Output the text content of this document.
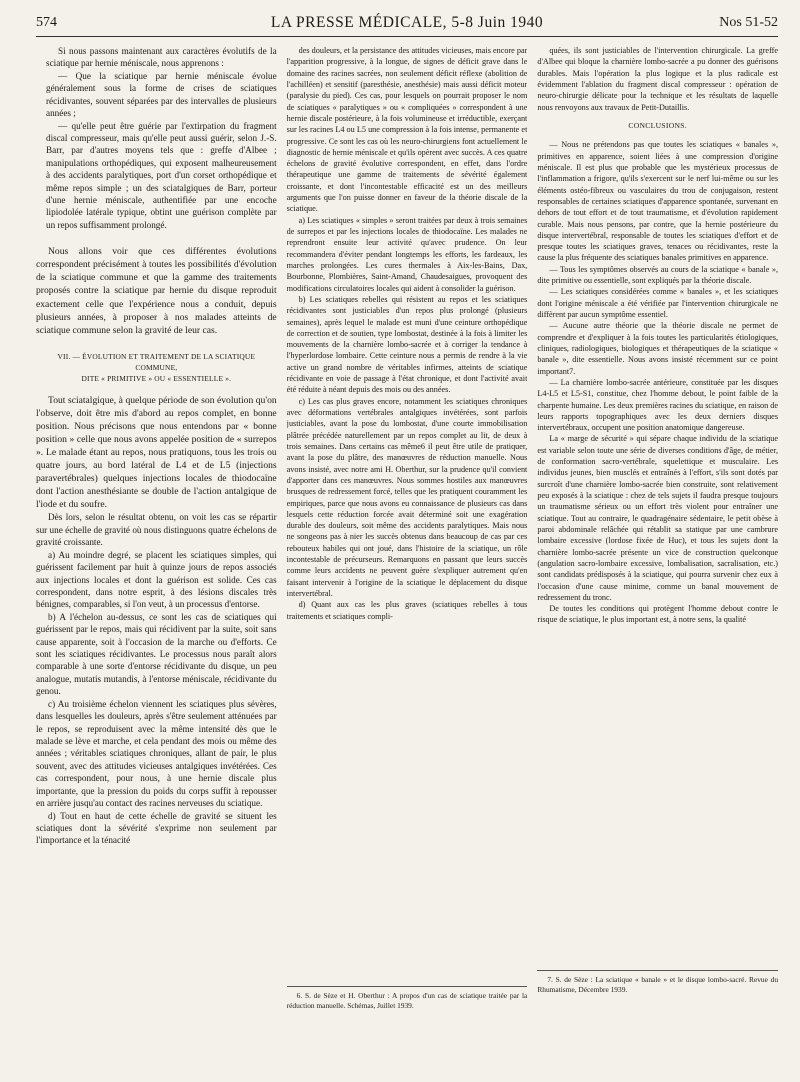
574	LA PRESSE MÉDICALE, 5-8 Juin 1940	Nos 51-52

Si nous passons maintenant aux caractères évolutifs de la sciatique par hernie méniscale, nous apprenons :

— Que la sciatique par hernie méniscale évolue généralement sous la forme de crises de sciatiques récidivantes, souvent séparées par des intervalles de plusieurs années ;

— qu'elle peut être guérie par l'extirpation du fragment discal compresseur, mais qu'elle peut aussi guérir, selon J.-S. Barr, par d'autres moyens tels que : greffe d'Albee ; manipulations orthopédiques, qui exposent malheureusement à des accidents paralytiques, port d'un corset orthopédique et même repos simple ; un des sciatalgiques de Barr, porteur d'une hernie méniscale, authentifiée par une encoche lipiodolée latérale typique, obtint une guérison complète par un repos suffisamment prolongé.

Nous allons voir que ces différentes évolutions correspondent précisément à toutes les possibilités d'évolution de la sciatique commune et que la gamme des traitements proposés contre la sciatique par hernie du disque reproduit exactement celle que l'expérience nous a conduit, depuis plusieurs années, à proposer à nos malades atteints de sciatique commune selon la gravité de leur cas.

VII. — ÉVOLUTION ET TRAITEMENT DE LA SCIATIQUE COMMUNE,
DITE « PRIMITIVE » OU « ESSENTIELLE ».

Tout sciatalgique, à quelque période de son évolution qu'on l'observe, doit être mis d'abord au repos complet, en bonne position. Nous précisons que nous entendons par « bonne position » celle que nous avons appelée position de « surrepos ». Le malade étant au repos, nous pratiquons, tous les trois ou quatre jours, au bord latéral de L4 et de L5 (injections paravertébrales) quelques injections locales de thiodocaïne dont l'action anesthésiante se double de l'action antalgique de l'iode et du soufre.

Dès lors, selon le résultat obtenu, on voit les cas se répartir sur une échelle de gravité où nous distinguons quatre échelons de gravité croissante.

a) Au moindre degré, se placent les sciatiques simples, qui guérissent facilement par huit à quinze jours de repos associés aux injections locales et dont la guérison est solide. Ces cas correspondent, dans notre esprit, à des lésions discales très bénignes, comparables, si l'on veut, à un processus d'entorse.

b) A l'échelon au-dessus, ce sont les cas de sciatiques qui guérissent par le repos, mais qui récidivent par la suite, soit sans cause apparente, soit à l'occasion de la marche ou d'efforts. Ce sont les sciatiques récidivantes. Le processus nous paraît alors comparable à une sorte d'entorse récidivante du disque, un peu analogue, mutatis mutandis, à l'entorse méniscale, récidivante du genou.

c) Au troisième échelon viennent les sciatiques plus sévères, dans lesquelles les douleurs, après s'être seulement atténuées par le repos, se reproduisent avec la même intensité dès que le malade se lève et marche, et cela pendant des mois ou même des années ; véritables sciatiques chroniques, allant de pair, le plus souvent, avec des attitudes vicieuses antalgiques invétérées. Ces cas correspondent, pour nous, à une hernie discale plus importante, que la pression du poids du corps suffit à repousser en arrière jusqu'au contact des racines nerveuses du sciatique.

d) Tout en haut de cette échelle de gravité se situent les sciatiques dont la sévérité s'exprime non seulement par l'importance et la ténacité

des douleurs, et la persistance des attitudes vicieuses, mais encore par l'apparition progressive, à la longue, de signes de déficit grave dans le domaine des racines sacrées, non seulement déficit réflexe (abolition de l'achilléen) et sensitif (paresthésie, anesthésie) mais aussi déficit moteur (paralysie du pied). Ces cas, pour lesquels on pourrait proposer le nom de sciatiques « paralytiques » ou « compliquées » correspondent à une hernie discale postérieure, à la fois volumineuse et irréductible, exerçant sur les racines L4 ou L5 une compression à la fois intense, permanente et progressive. Ce sont les cas où les neuro-chirurgiens font actuellement le diagnostic de hernie méniscale et qu'ils opèrent avec succès. A ces quatre échelons de gravité évolutive correspondent, en effet, dans l'ordre thérapeutique une gamme de traitements de sévérité également croissante, et dont l'incontestable efficacité est un des meilleurs arguments que l'on puisse donner en faveur de la théorie discale de la sciatique.

a) Les sciatiques « simples » seront traitées par deux à trois semaines de surrepos et par les injections locales de thiodocaïne. Les malades ne reprendront ensuite leur activité qu'avec prudence. On leur recommandera d'éviter pendant longtemps les efforts, les fardeaux, les marches prolongées. Les cures thermales à Aix-les-Bains, Dax, Bourbonne, Plombières, Saint-Amand, Chaudesaigues, provoquent des modifications circulatoires locales qui aident à consolider la guérison.

b) Les sciatiques rebelles qui résistent au repos et les sciatiques récidivantes sont justiciables d'un repos plus prolongé (plusieurs semaines), après lequel le malade est muni d'une ceinture orthopédique de correction et de soutien, type lombostat, destinée à la fois à limiter les mouvements de la charnière lombo-sacrée et à corriger la tendance à l'hyperlordose lombaire. Cette ceinture nous a permis de rendre à la vie active un grand nombre de véritables infirmes, atteints de sciatique récidivante en voie de passage à l'état chronique, et dont l'activité avait été réduite à néant depuis des mois ou des années.

c) Les cas plus graves encore, notamment les sciatiques chroniques avec déformations vertébrales antalgiques invétérées, sont parfois justiciables, avant la pose du lombostat, d'une courte immobilisation plâtrée précédée naturellement par un repos complet au lit, de deux à trois semaines. Dans certains cas même6 il peut être utile de pratiquer, avant la pose du plâtre, des manœuvres de réduction manuelle. Nous avons insisté, avec notre ami H. Oberthur, sur la prudence qu'il convient d'apporter dans ces manœuvres. Nous sommes hostiles aux manœuvres brusques de redressement forcé, telles que les pratiquent couramment les empiriques, parce que nous avons eu connaissance de plusieurs cas dans lesquels cette réduction forcée avait déterminé soit une exagération durable des douleurs, soit même des accidents paralytiques. Mais nous ne songeons pas à nier les succès obtenus dans beaucoup de cas par ces rebouteux habiles qui ont joué, dans l'histoire de la sciatique, un rôle incontestable de précurseurs. Remarquons en passant que leurs succès comme leurs accidents ne peuvent guère s'expliquer autrement qu'en faisant intervenir à l'origine de la sciatique le déplacement du disque intervertébral.

d) Quant aux cas les plus graves (sciatiques rebelles à tous traitements et sciatiques compli-

6. S. de Sèze et H. Oberthur : A propos d'un cas de sciatique traitée par la réduction manuelle. Schémas, Juillet 1939.

quées, ils sont justiciables de l'intervention chirurgicale. La greffe d'Albee qui bloque la charnière lombo-sacrée a pu donner des guérisons durables. Mais l'opération la plus logique et la plus radicale est évidemment l'ablation du fragment discal compresseur : opération de neuro-chirurgie délicate pour la technique et les résultats de laquelle nous renvoyons aux travaux de Petit-Dutaillis.

CONCLUSIONS.

— Nous ne prétendons pas que toutes les sciatiques « banales », primitives en apparence, soient liées à une compression d'origine méniscale. Il est plus que probable que les mystérieux processus de l'inflammation a frigore, qu'ils s'exercent sur le nerf lui-même ou sur les éléments ostéo-fibreux ou vasculaires du trou de conjugaison, restent responsables de certaines sciatiques d'apparence spontanée, survenant en dehors de tout effort et de tout traumatisme, et d'évolution rapidement curable. Mais nous pensons, par contre, que la hernie postérieure du disque intervertébral, responsable de toutes les sciatiques d'effort et de presque toutes les sciatiques graves, tenaces ou récidivantes, reste la cause la plus fréquente des sciatiques banales primitives en apparence.

— Tous les symptômes observés au cours de la sciatique « banale », dite primitive ou essentielle, sont expliqués par la théorie discale.

— Les sciatiques considérées comme « banales », et les sciatiques dont l'origine méniscale a été vérifiée par l'intervention chirurgicale ne diffèrent par aucun symptôme essentiel.

— Aucune autre théorie que la théorie discale ne permet de comprendre et d'expliquer à la fois toutes les particularités étiologiques, cliniques, radiologiques, biologiques et thérapeutiques de la sciatique « banale », dite essentielle. Nous avons insisté récemment sur ce point important7.

— La charnière lombo-sacrée antérieure, constituée par les disques L4-L5 et L5-S1, constitue, chez l'homme debout, le point faible de la charpente humaine. Les deux premières racines du sciatique, en raison de leurs rapports topographiques avec les deux derniers disques intervertébraux, occupent une position anatomique dangereuse.

La « marge de sécurité » qui sépare chaque individu de la sciatique est variable selon toute une série de diverses conditions d'âge, de métier, de conformation sacro-vertébrale, squelettique et musculaire. Les individus jeunes, bien musclés et entraînés à l'effort, s'ils sont dotés par surcroît d'une charnière lombo-sacrée bien construite, sont relativement peu exposés à la sciatique : chez de tels sujets il faudra presque toujours un traumatisme sérieux ou un effort très violent pour entraîner une sciatique. Tout au contraire, le quadragénaire sédentaire, le petit obèse à paroi abdominale relâchée qui rétablit sa statique par une cambrure lombaire excessive (lordose fixée de Huc), et tous les sujets dont la charnière lombo-sacrée présente un vice de construction quelconque (angulation sacro-lombaire excessive, lombalisation, sacralisation, etc.) sont candidats prédisposés à la sciatique, qui pourra survenir chez eux à l'occasion d'une cause minime, comme un banal mouvement de redressement du tronc.

De toutes les conditions qui protègent l'homme debout contre le risque de sciatique, le plus important est, à notre sens, la qualité

7. S. de Sèze : La sciatique « banale » et le disque lombo-sacré. Revue du Rhumatisme, Décembre 1939.
